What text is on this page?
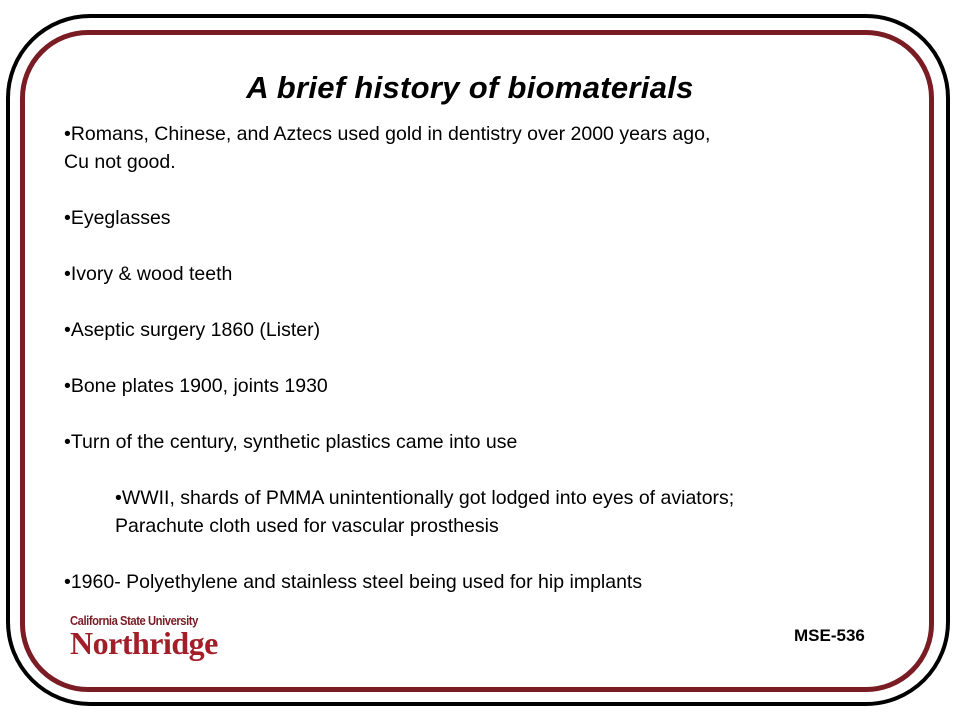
A brief history of biomaterials
•Romans, Chinese, and Aztecs used gold in dentistry over 2000 years ago,
Cu not good.
•Eyeglasses
•Ivory & wood teeth
•Aseptic surgery 1860 (Lister)
•Bone plates 1900, joints 1930
•Turn of the century, synthetic plastics came into use
•WWII, shards of PMMA unintentionally got lodged into eyes of aviators;
Parachute cloth used for vascular prosthesis
•1960- Polyethylene and stainless steel being used for hip implants
California State University
Northridge	MSE-536
